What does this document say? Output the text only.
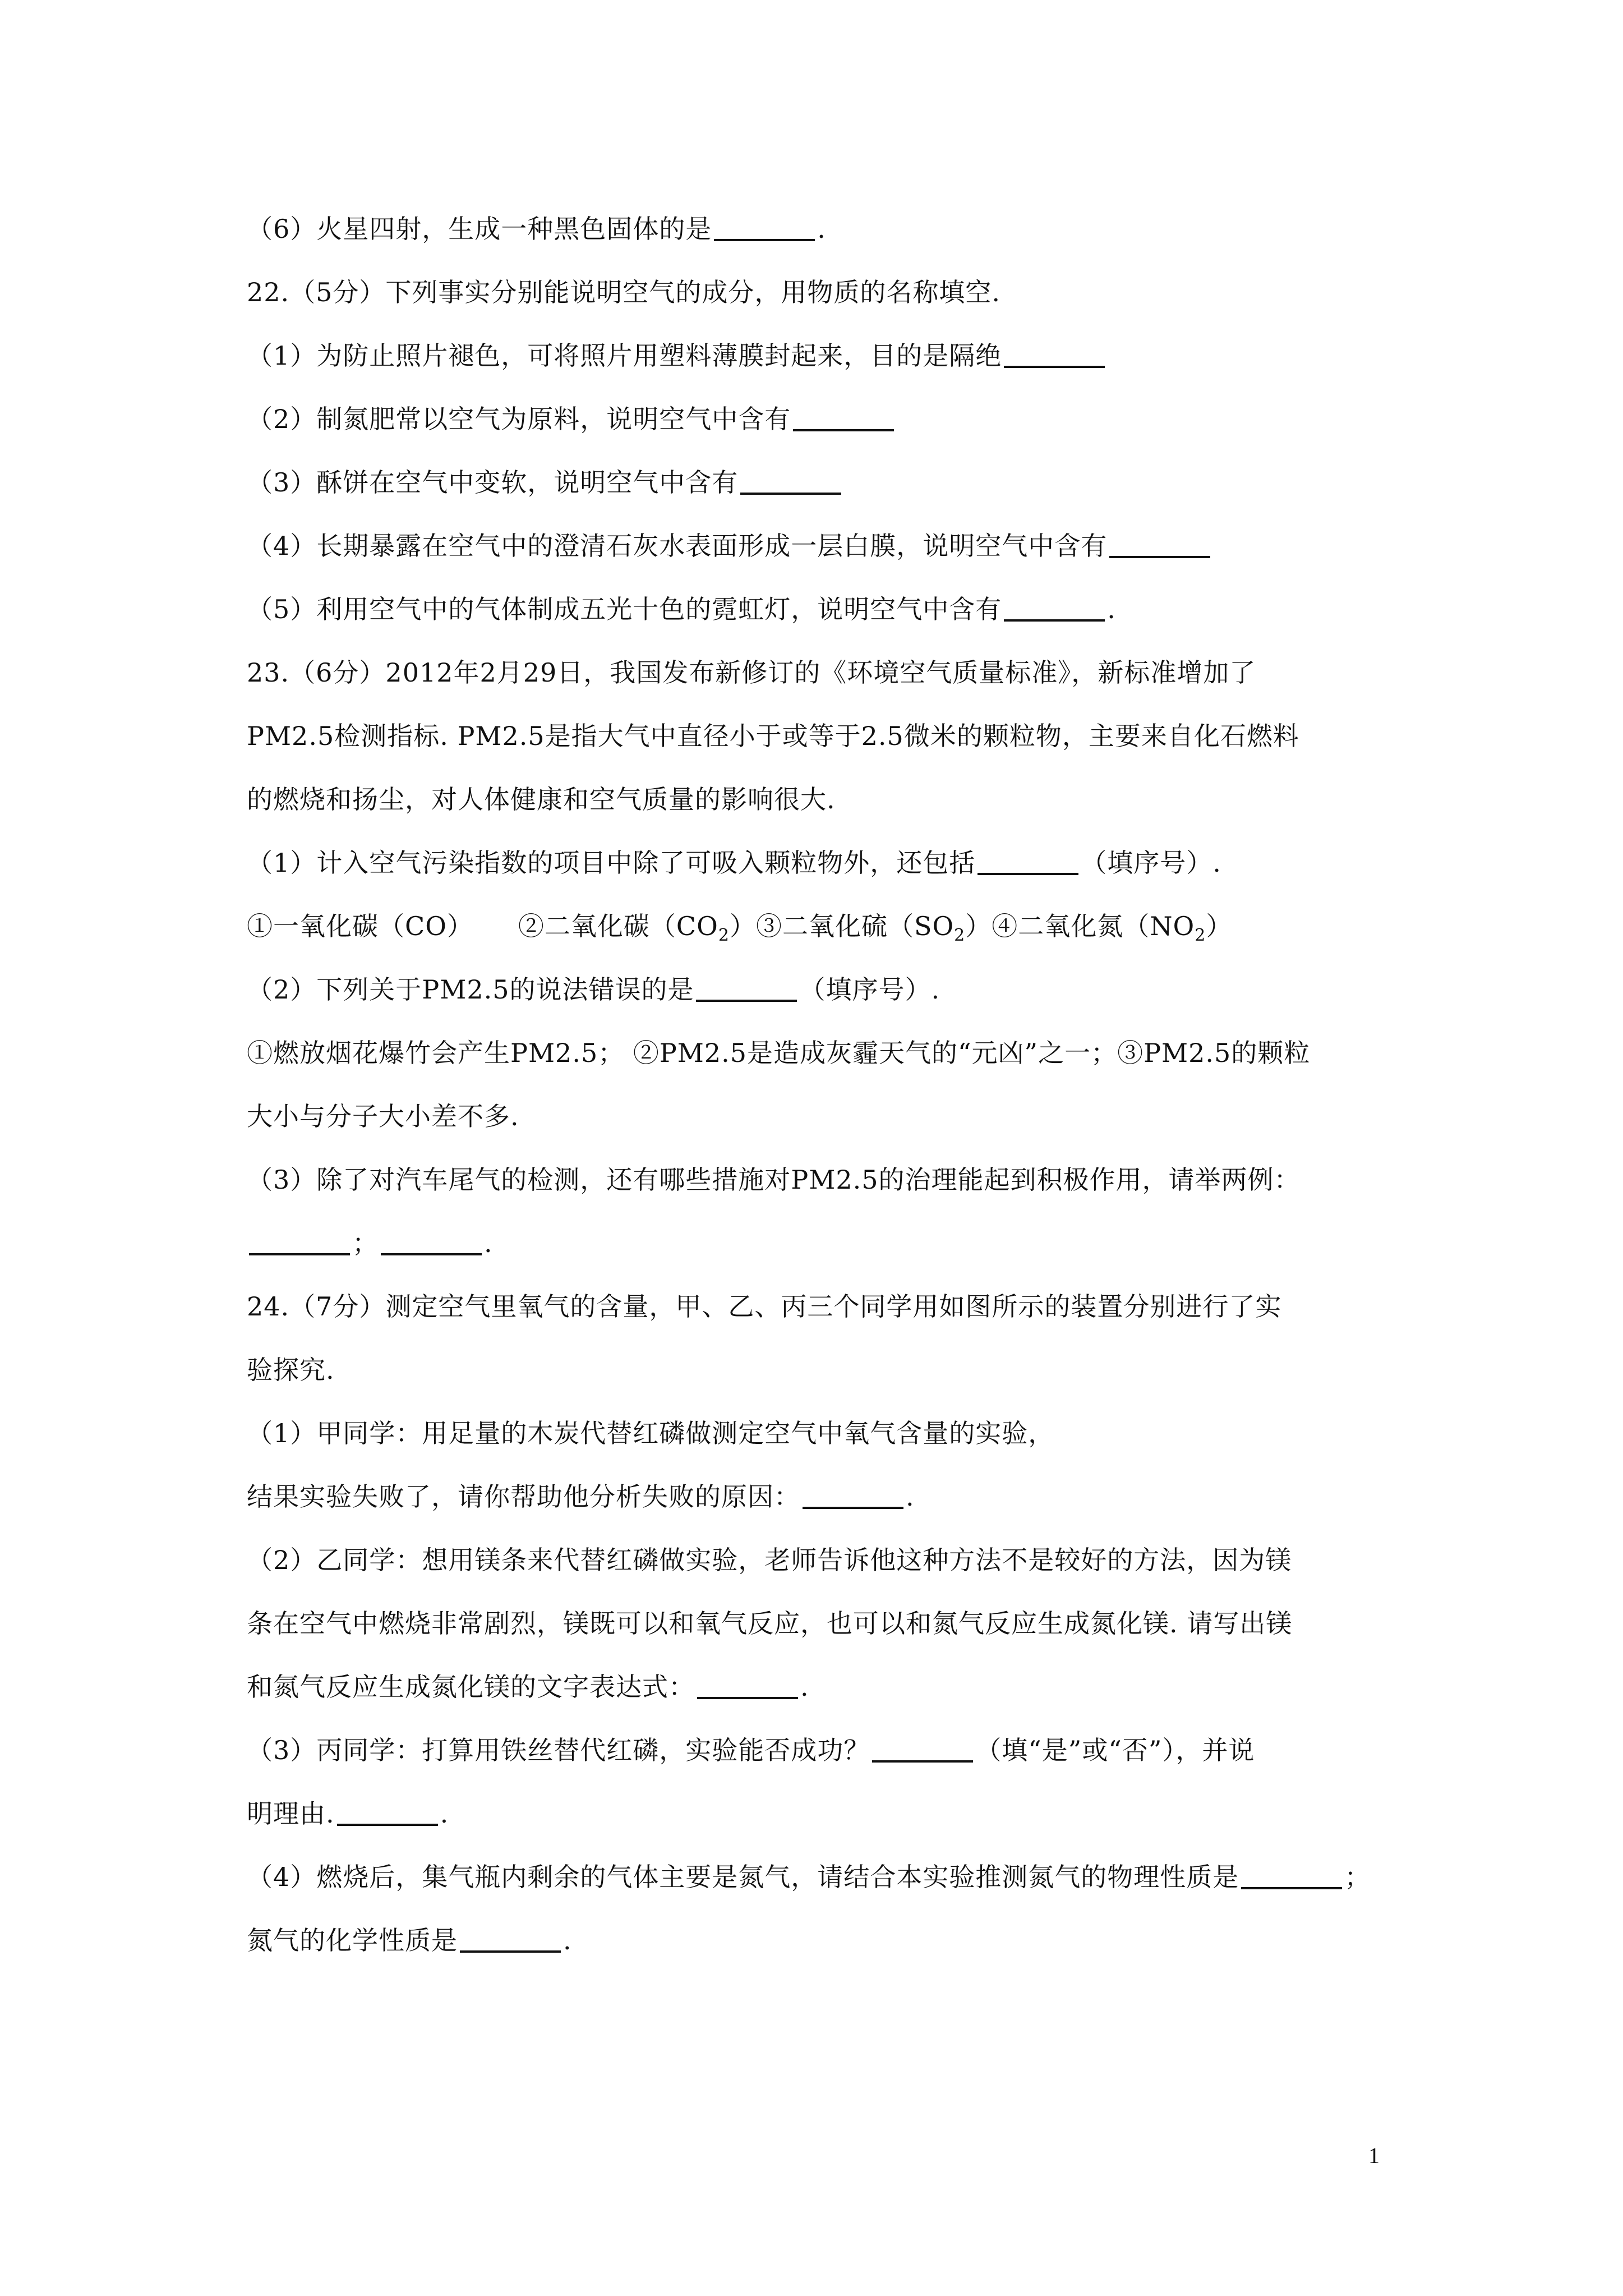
（6）火星四射，生成一种黑色固体的是	.
22.（5分）下列事实分别能说明空气的成分，用物质的名称填空.
（1）为防止照片褪色，可将照片用塑料薄膜封起来，目的是隔绝
（2）制氮肥常以空气为原料，说明空气中含有
（3）酥饼在空气中变软，说明空气中含有
（4）长期暴露在空气中的澄清石灰水表面形成一层白膜，说明空气中含有
（5）利用空气中的气体制成五光十色的霓虹灯，说明空气中含有	.
23.（6分）2012年2月29日，我国发布新修订的《环境空气质量标准》，新标准增加了
PM2.5检测指标. PM2.5是指大气中直径小于或等于2.5微米的颗粒物，主要来自化石燃料
的燃烧和扬尘，对人体健康和空气质量的影响很大.
（1）计入空气污染指数的项目中除了可吸入颗粒物外，还包括	（填序号）.
①一氧化碳（CO） ②二氧化碳$(CO_2)③$二氧化硫$(SO_2)④$二氧化氮$(NO_2)$
（2）下列关于PM2.5的说法错误的是	（填序号）.
①燃放烟花爆竹会产生PM2.5； ②PM2.5是造成灰霾天气的“元凶”之一；③PM2.5的颗粒
大小与分子大小差不多.
（3）除了对汽车尾气的检测，还有哪些措施对PM2.5的治理能起到积极作用，请举两例：
；	.
24.（7分）测定空气里氧气的含量，甲、乙、丙三个同学用如图所示的装置分别进行了实
验探究.
（1）甲同学：用足量的木炭代替红磷做测定空气中氧气含量的实验，
结果实验失败了，请你帮助他分析失败的原因：	.
（2）乙同学：想用镁条来代替红磷做实验，老师告诉他这种方法不是较好的方法，因为镁
条在空气中燃烧非常剧烈，镁既可以和氧气反应，也可以和氮气反应生成氮化镁. 请写出镁
和氮气反应生成氮化镁的文字表达式：	.
（3）丙同学：打算用铁丝替代红磷，实验能否成功？	（填“是”或“否”），并说
明理由.	.
（4）燃烧后，集气瓶内剩余的气体主要是氮气，请结合本实验推测氮气的物理性质是	；
氮气的化学性质是	.
1
